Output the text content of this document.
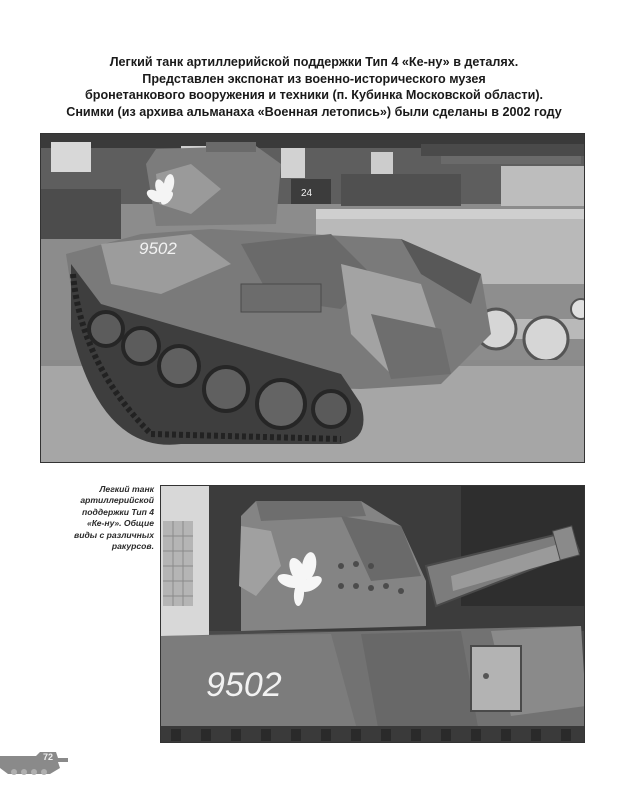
Легкий танк артиллерийской поддержки Тип 4 «Ке-ну» в деталях.
Представлен экспонат из военно-исторического музея
бронетанкового вооружения и техники (п. Кубинка Московской области).
Снимки (из архива альманаха «Военная летопись») были сделаны в 2002 году
9502
24
Легкий танк
артиллерийской
поддержки Тип 4
«Ке-ну». Общие
виды с различных
ракурсов.
9502
72
